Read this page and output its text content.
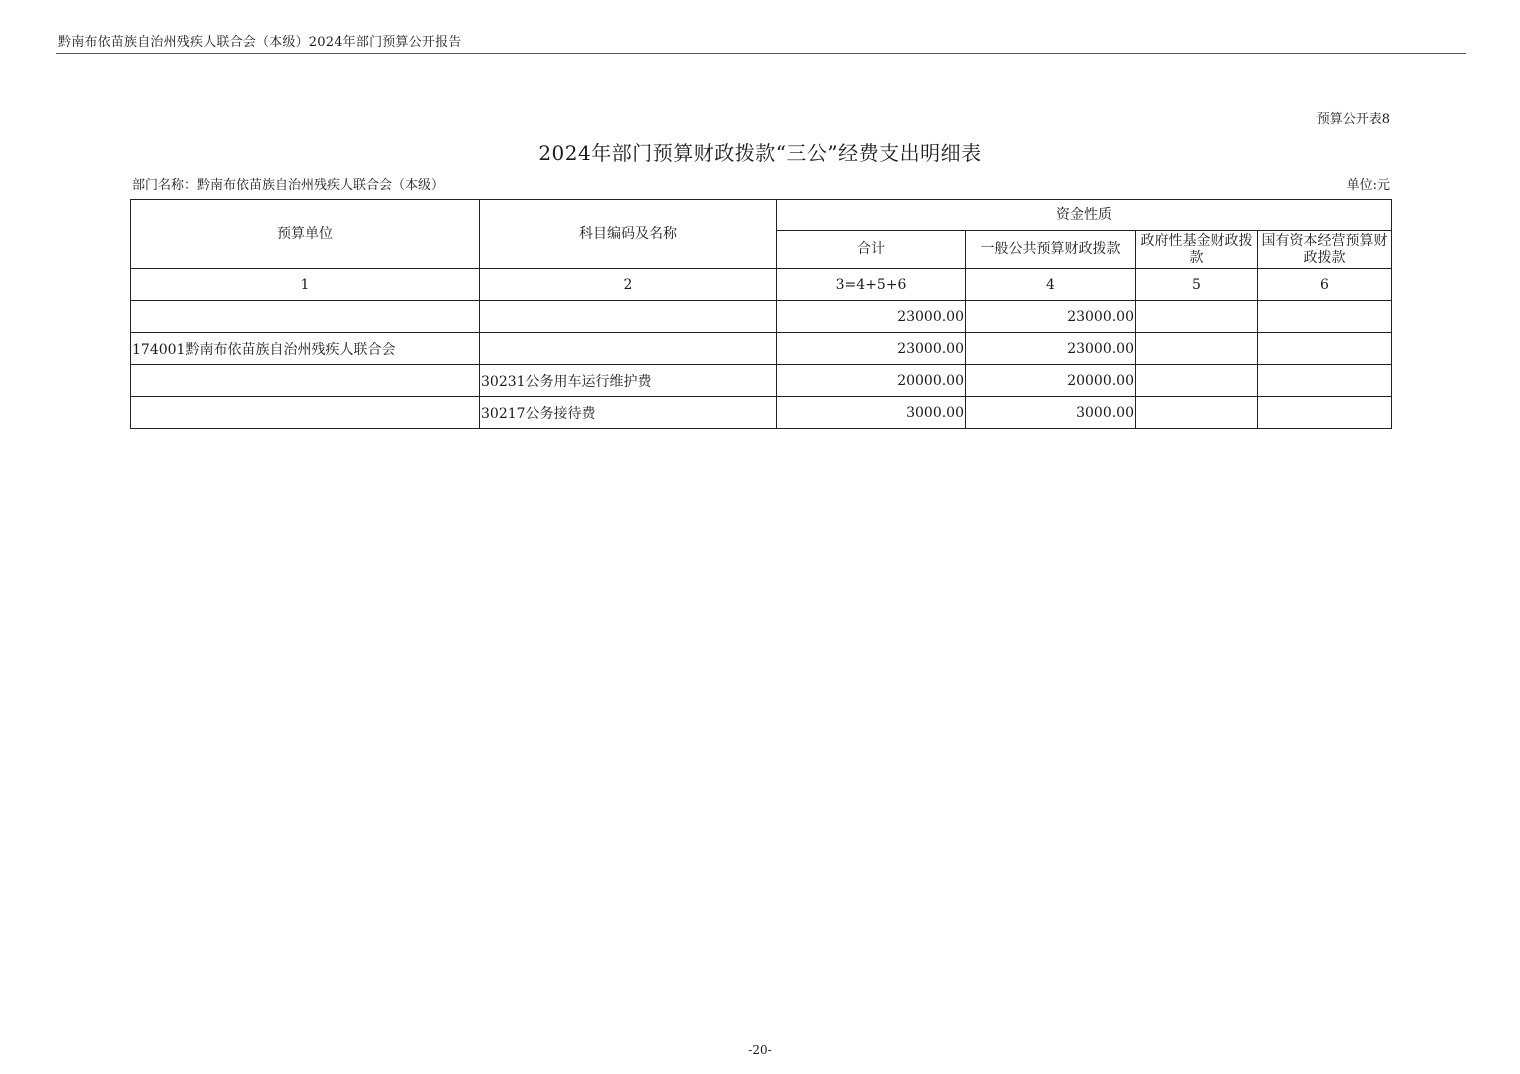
黔南布依苗族自治州残疾人联合会（本级）2024年部门预算公开报告
预算公开表8
2024年部门预算财政拨款“三公”经费支出明细表
部门名称：黔南布依苗族自治州残疾人联合会（本级）	单位:元
预算单位	科目编码及名称	资金性质			
		合计	一般公共预算财政拨款	政府性基金财政拨款	国有资本经营预算财政拨款
1	2	3=4+5+6	4	5	6
		23000.00	23000.00		
174001黔南布依苗族自治州残疾人联合会		23000.00	23000.00		
	30231公务用车运行维护费	20000.00	20000.00		
	30217公务接待费	3000.00	3000.00		
-20-
